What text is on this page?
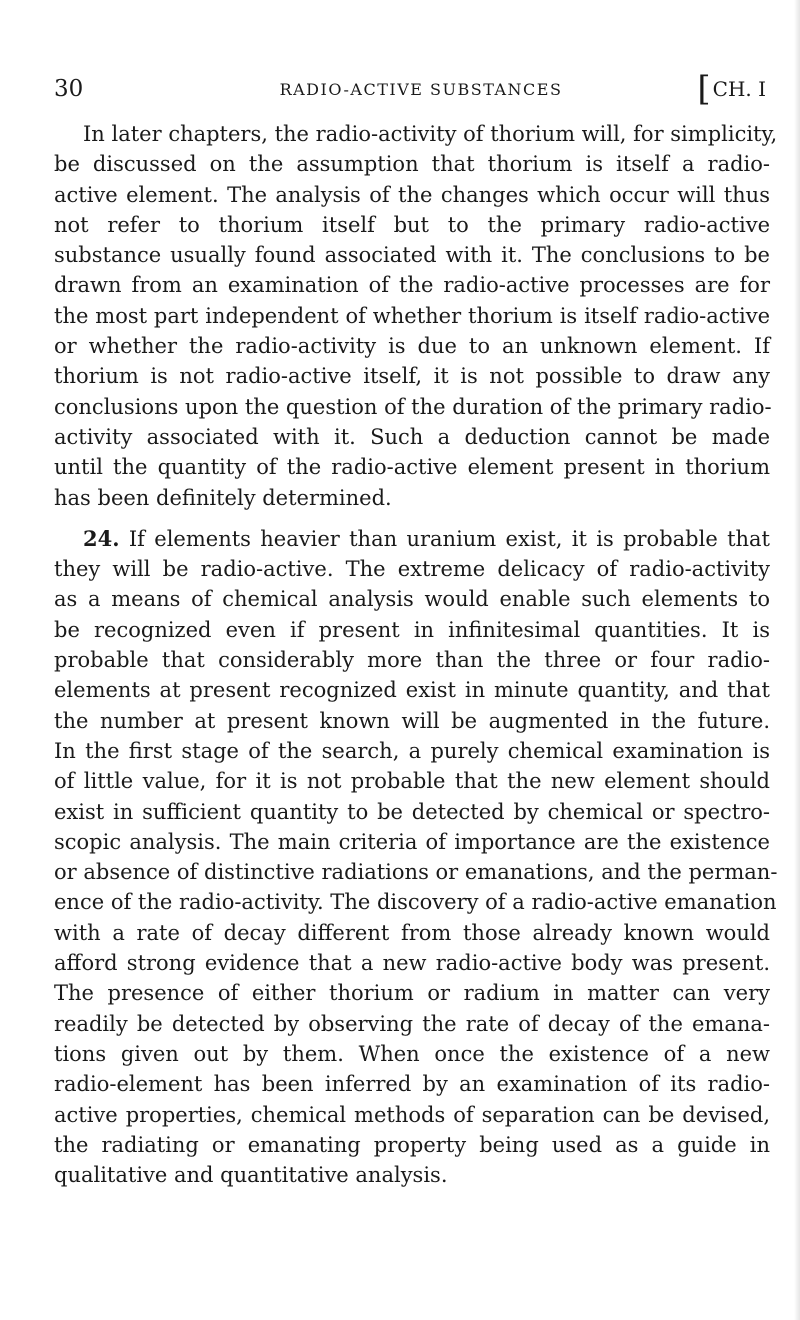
30	RADIO-ACTIVE SUBSTANCES	[ CH. I
In later chapters, the radio-activity of thorium will, for simplicity,
be discussed on the assumption that thorium is itself a radio-
active element. The analysis of the changes which occur will thus
not refer to thorium itself but to the primary radio-active
substance usually found associated with it. The conclusions to be
drawn from an examination of the radio-active processes are for
the most part independent of whether thorium is itself radio-active
or whether the radio-activity is due to an unknown element. If
thorium is not radio-active itself, it is not possible to draw any
conclusions upon the question of the duration of the primary radio-
activity associated with it. Such a deduction cannot be made
until the quantity of the radio-active element present in thorium
has been definitely determined.
24. If elements heavier than uranium exist, it is probable that
they will be radio-active. The extreme delicacy of radio-activity
as a means of chemical analysis would enable such elements to
be recognized even if present in infinitesimal quantities. It is
probable that considerably more than the three or four radio-
elements at present recognized exist in minute quantity, and that
the number at present known will be augmented in the future.
In the first stage of the search, a purely chemical examination is
of little value, for it is not probable that the new element should
exist in sufficient quantity to be detected by chemical or spectro-
scopic analysis. The main criteria of importance are the existence
or absence of distinctive radiations or emanations, and the perman-
ence of the radio-activity. The discovery of a radio-active emanation
with a rate of decay different from those already known would
afford strong evidence that a new radio-active body was present.
The presence of either thorium or radium in matter can very
readily be detected by observing the rate of decay of the emana-
tions given out by them. When once the existence of a new
radio-element has been inferred by an examination of its radio-
active properties, chemical methods of separation can be devised,
the radiating or emanating property being used as a guide in
qualitative and quantitative analysis.
